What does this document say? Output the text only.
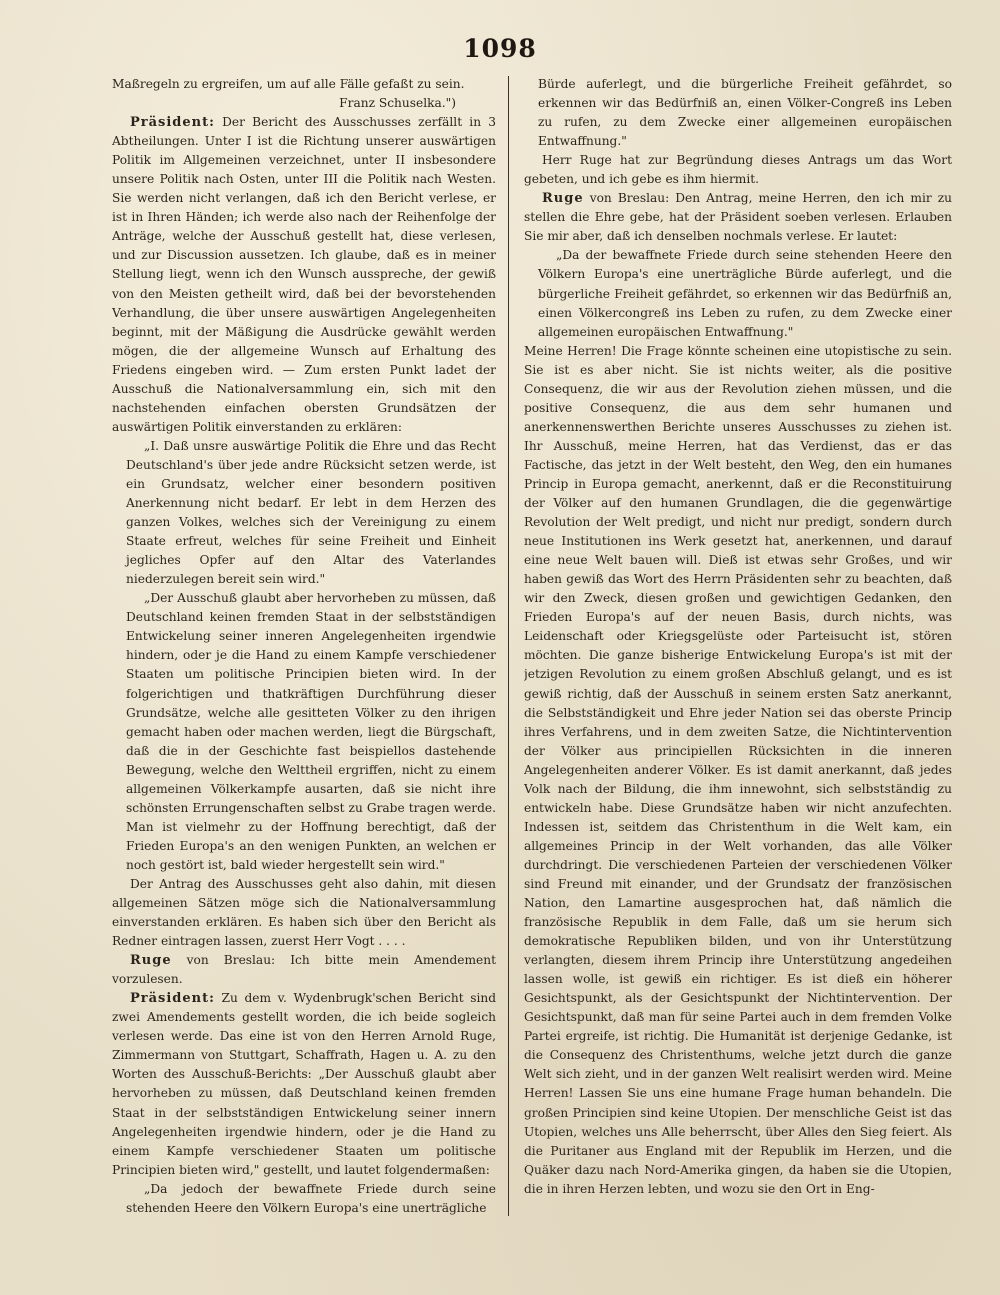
1098

Maßregeln zu ergreifen, um auf alle Fälle gefaßt zu sein.

Franz Schuselka.")

Präsident: Der Bericht des Ausschusses zerfällt in 3 Abtheilungen. Unter I ist die Richtung unserer auswärtigen Politik im Allgemeinen verzeichnet, unter II insbesondere unsere Politik nach Osten, unter III die Politik nach Westen. Sie werden nicht verlangen, daß ich den Bericht verlese, er ist in Ihren Händen; ich werde also nach der Reihenfolge der Anträge, welche der Ausschuß gestellt hat, diese verlesen, und zur Discussion aussetzen. Ich glaube, daß es in meiner Stellung liegt, wenn ich den Wunsch ausspreche, der gewiß von den Meisten getheilt wird, daß bei der bevorstehenden Verhandlung, die über unsere auswärtigen Angelegenheiten beginnt, mit der Mäßigung die Ausdrücke gewählt werden mögen, die der allgemeine Wunsch auf Erhaltung des Friedens eingeben wird. — Zum ersten Punkt ladet der Ausschuß die Nationalversammlung ein, sich mit den nachstehenden einfachen obersten Grundsätzen der auswärtigen Politik einverstanden zu erklären:

„I. Daß unsre auswärtige Politik die Ehre und das Recht Deutschland's über jede andre Rücksicht setzen werde, ist ein Grundsatz, welcher einer besondern positiven Anerkennung nicht bedarf. Er lebt in dem Herzen des ganzen Volkes, welches sich der Vereinigung zu einem Staate erfreut, welches für seine Freiheit und Einheit jegliches Opfer auf den Altar des Vaterlandes niederzulegen bereit sein wird."

„Der Ausschuß glaubt aber hervorheben zu müssen, daß Deutschland keinen fremden Staat in der selbstständigen Entwickelung seiner inneren Angelegenheiten irgendwie hindern, oder je die Hand zu einem Kampfe verschiedener Staaten um politische Principien bieten wird. In der folgerichtigen und thatkräftigen Durchführung dieser Grundsätze, welche alle gesitteten Völker zu den ihrigen gemacht haben oder machen werden, liegt die Bürgschaft, daß die in der Geschichte fast beispiellos dastehende Bewegung, welche den Welttheil ergriffen, nicht zu einem allgemeinen Völkerkampfe ausarten, daß sie nicht ihre schönsten Errungenschaften selbst zu Grabe tragen werde. Man ist vielmehr zu der Hoffnung berechtigt, daß der Frieden Europa's an den wenigen Punkten, an welchen er noch gestört ist, bald wieder hergestellt sein wird."

Der Antrag des Ausschusses geht also dahin, mit diesen allgemeinen Sätzen möge sich die Nationalversammlung einverstanden erklären. Es haben sich über den Bericht als Redner eintragen lassen, zuerst Herr Vogt . . . .

Ruge von Breslau: Ich bitte mein Amendement vorzulesen.

Präsident: Zu dem v. Wydenbrugk'schen Bericht sind zwei Amendements gestellt worden, die ich beide sogleich verlesen werde. Das eine ist von den Herren Arnold Ruge, Zimmermann von Stuttgart, Schaffrath, Hagen u. A. zu den Worten des Ausschuß-Berichts: „Der Ausschuß glaubt aber hervorheben zu müssen, daß Deutschland keinen fremden Staat in der selbstständigen Entwickelung seiner innern Angelegenheiten irgendwie hindern, oder je die Hand zu einem Kampfe verschiedener Staaten um politische Principien bieten wird," gestellt, und lautet folgendermaßen:

„Da jedoch der bewaffnete Friede durch seine stehenden Heere den Völkern Europa's eine unerträgliche

Bürde auferlegt, und die bürgerliche Freiheit gefährdet, so erkennen wir das Bedürfniß an, einen Völker-Congreß ins Leben zu rufen, zu dem Zwecke einer allgemeinen europäischen Entwaffnung."

Herr Ruge hat zur Begründung dieses Antrags um das Wort gebeten, und ich gebe es ihm hiermit.

Ruge von Breslau: Den Antrag, meine Herren, den ich mir zu stellen die Ehre gebe, hat der Präsident soeben verlesen. Erlauben Sie mir aber, daß ich denselben nochmals verlese. Er lautet:

„Da der bewaffnete Friede durch seine stehenden Heere den Völkern Europa's eine unerträgliche Bürde auferlegt, und die bürgerliche Freiheit gefährdet, so erkennen wir das Bedürfniß an, einen Völkercongreß ins Leben zu rufen, zu dem Zwecke einer allgemeinen europäischen Entwaffnung."

Meine Herren! Die Frage könnte scheinen eine utopistische zu sein. Sie ist es aber nicht. Sie ist nichts weiter, als die positive Consequenz, die wir aus der Revolution ziehen müssen, und die positive Consequenz, die aus dem sehr humanen und anerkennenswerthen Berichte unseres Ausschusses zu ziehen ist. Ihr Ausschuß, meine Herren, hat das Verdienst, das er das Factische, das jetzt in der Welt besteht, den Weg, den ein humanes Princip in Europa gemacht, anerkennt, daß er die Reconstituirung der Völker auf den humanen Grundlagen, die die gegenwärtige Revolution der Welt predigt, und nicht nur predigt, sondern durch neue Institutionen ins Werk gesetzt hat, anerkennen, und darauf eine neue Welt bauen will. Dieß ist etwas sehr Großes, und wir haben gewiß das Wort des Herrn Präsidenten sehr zu beachten, daß wir den Zweck, diesen großen und gewichtigen Gedanken, den Frieden Europa's auf der neuen Basis, durch nichts, was Leidenschaft oder Kriegsgelüste oder Parteisucht ist, stören möchten. Die ganze bisherige Entwickelung Europa's ist mit der jetzigen Revolution zu einem großen Abschluß gelangt, und es ist gewiß richtig, daß der Ausschuß in seinem ersten Satz anerkannt, die Selbstständigkeit und Ehre jeder Nation sei das oberste Princip ihres Verfahrens, und in dem zweiten Satze, die Nichtintervention der Völker aus principiellen Rücksichten in die inneren Angelegenheiten anderer Völker. Es ist damit anerkannt, daß jedes Volk nach der Bildung, die ihm innewohnt, sich selbstständig zu entwickeln habe. Diese Grundsätze haben wir nicht anzufechten. Indessen ist, seitdem das Christenthum in die Welt kam, ein allgemeines Princip in der Welt vorhanden, das alle Völker durchdringt. Die verschiedenen Parteien der verschiedenen Völker sind Freund mit einander, und der Grundsatz der französischen Nation, den Lamartine ausgesprochen hat, daß nämlich die französische Republik in dem Falle, daß um sie herum sich demokratische Republiken bilden, und von ihr Unterstützung verlangten, diesem ihrem Princip ihre Unterstützung angedeihen lassen wolle, ist gewiß ein richtiger. Es ist dieß ein höherer Gesichtspunkt, als der Gesichtspunkt der Nichtintervention. Der Gesichtspunkt, daß man für seine Partei auch in dem fremden Volke Partei ergreife, ist richtig. Die Humanität ist derjenige Gedanke, ist die Consequenz des Christenthums, welche jetzt durch die ganze Welt sich zieht, und in der ganzen Welt realisirt werden wird. Meine Herren! Lassen Sie uns eine humane Frage human behandeln. Die großen Principien sind keine Utopien. Der menschliche Geist ist das Utopien, welches uns Alle beherrscht, über Alles den Sieg feiert. Als die Puritaner aus England mit der Republik im Herzen, und die Quäker dazu nach Nord-Amerika gingen, da haben sie die Utopien, die in ihren Herzen lebten, und wozu sie den Ort in Eng-
